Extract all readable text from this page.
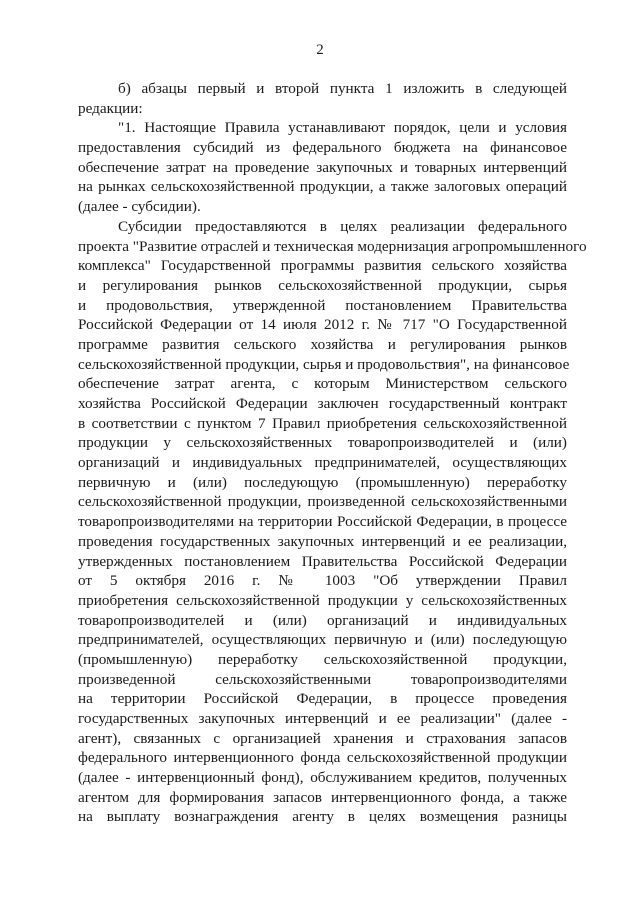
2
б) абзацы первый и второй пункта 1 изложить в следующей
редакции:
"1. Настоящие Правила устанавливают порядок, цели и условия
предоставления субсидий из федерального бюджета на финансовое
обеспечение затрат на проведение закупочных и товарных интервенций
на рынках сельскохозяйственной продукции, а также залоговых операций
(далее - субсидии).
Субсидии предоставляются в целях реализации федерального
проекта "Развитие отраслей и техническая модернизация агропромышленного
комплекса" Государственной программы развития сельского хозяйства
и регулирования рынков сельскохозяйственной продукции, сырья
и продовольствия, утвержденной постановлением Правительства
Российской Федерации от 14 июля 2012 г. № 717 "О Государственной
программе развития сельского хозяйства и регулирования рынков
сельскохозяйственной продукции, сырья и продовольствия", на финансовое
обеспечение затрат агента, с которым Министерством сельского
хозяйства Российской Федерации заключен государственный контракт
в соответствии с пунктом 7 Правил приобретения сельскохозяйственной
продукции у сельскохозяйственных товаропроизводителей и (или)
организаций и индивидуальных предпринимателей, осуществляющих
первичную и (или) последующую (промышленную) переработку
сельскохозяйственной продукции, произведенной сельскохозяйственными
товаропроизводителями на территории Российской Федерации, в процессе
проведения государственных закупочных интервенций и ее реализации,
утвержденных постановлением Правительства Российской Федерации
от 5 октября 2016 г. № 1003 "Об утверждении Правил
приобретения сельскохозяйственной продукции у сельскохозяйственных
товаропроизводителей и (или) организаций и индивидуальных
предпринимателей, осуществляющих первичную и (или) последующую
(промышленную) переработку сельскохозяйственной продукции,
произведенной сельскохозяйственными товаропроизводителями
на территории Российской Федерации, в процессе проведения
государственных закупочных интервенций и ее реализации" (далее -
агент), связанных с организацией хранения и страхования запасов
федерального интервенционного фонда сельскохозяйственной продукции
(далее - интервенционный фонд), обслуживанием кредитов, полученных
агентом для формирования запасов интервенционного фонда, а также
на выплату вознаграждения агенту в целях возмещения разницы
